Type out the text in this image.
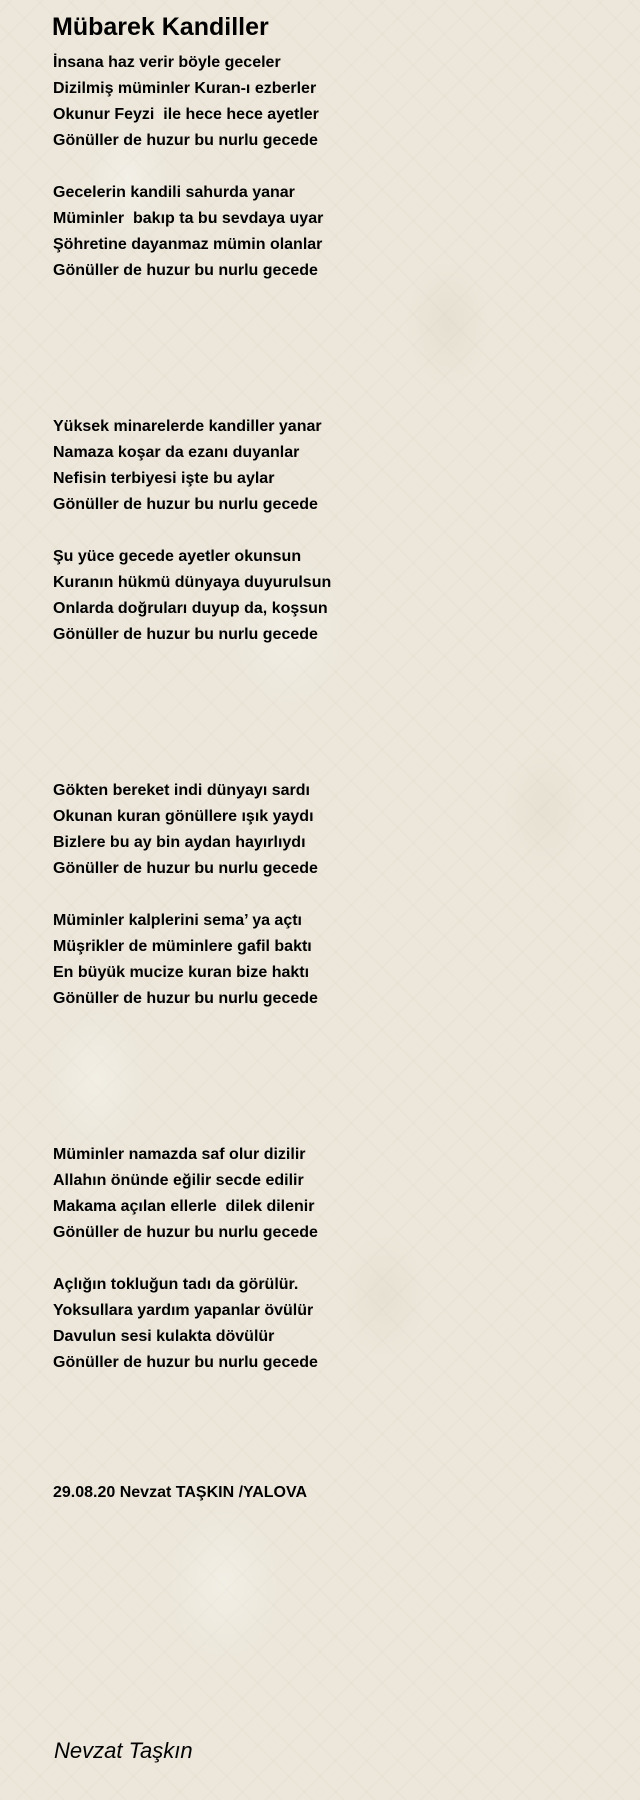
Mübarek Kandiller
İnsana haz verir böyle geceler
Dizilmiş müminler Kuran-ı ezberler
Okunur Feyzi  ile hece hece ayetler
Gönüller de huzur bu nurlu gecede
Gecelerin kandili sahurda yanar
Müminler  bakıp ta bu sevdaya uyar
Şöhretine dayanmaz mümin olanlar
Gönüller de huzur bu nurlu gecede
Yüksek minarelerde kandiller yanar
Namaza koşar da ezanı duyanlar
Nefisin terbiyesi işte bu aylar
Gönüller de huzur bu nurlu gecede
Şu yüce gecede ayetler okunsun
Kuranın hükmü dünyaya duyurulsun
Onlarda doğruları duyup da, koşsun
Gönüller de huzur bu nurlu gecede
Gökten bereket indi dünyayı sardı
Okunan kuran gönüllere ışık yaydı
Bizlere bu ay bin aydan hayırlıydı
Gönüller de huzur bu nurlu gecede
Müminler kalplerini sema’ ya açtı
Müşrikler de müminlere gafil baktı
En büyük mucize kuran bize haktı
Gönüller de huzur bu nurlu gecede
Müminler namazda saf olur dizilir
Allahın önünde eğilir secde edilir
Makama açılan ellerle  dilek dilenir
Gönüller de huzur bu nurlu gecede
Açlığın tokluğun tadı da görülür.
Yoksullara yardım yapanlar övülür
Davulun sesi kulakta dövülür
Gönüller de huzur bu nurlu gecede
29.08.20 Nevzat TAŞKIN /YALOVA
Nevzat Taşkın
